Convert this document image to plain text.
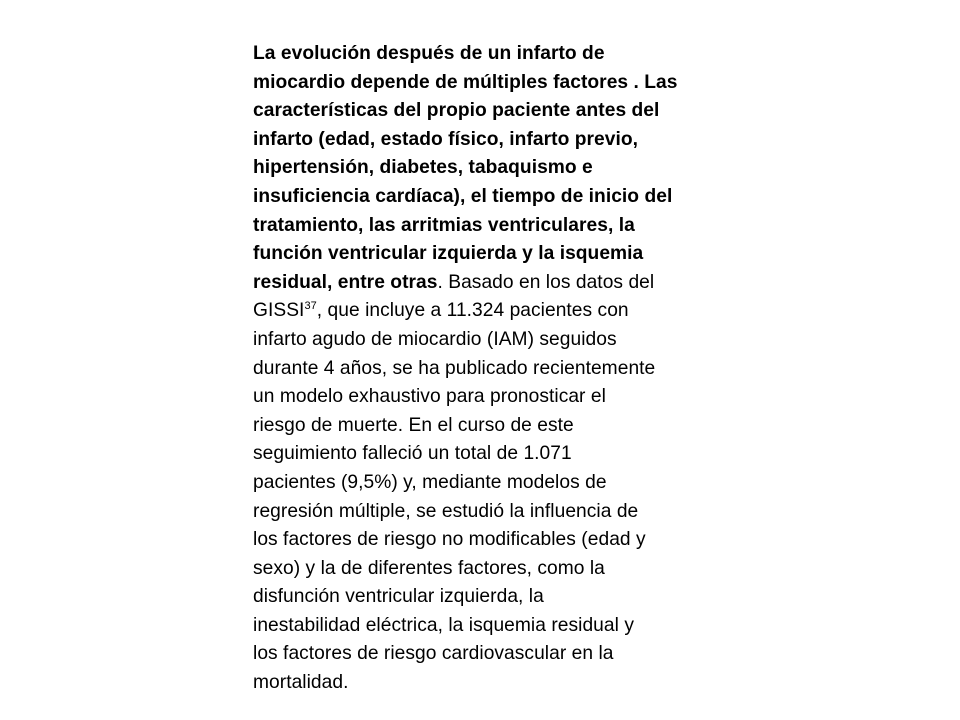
La evolución después de un infarto de
miocardio depende de múltiples factores . Las
características del propio paciente antes del
infarto (edad, estado físico, infarto previo,
hipertensión, diabetes, tabaquismo e
insuficiencia cardíaca), el tiempo de inicio del
tratamiento, las arritmias ventriculares, la
función ventricular izquierda y la isquemia
residual, entre otras. Basado en los datos del
GISSI$^{37}$, que incluye a 11.324 pacientes con
infarto agudo de miocardio (IAM) seguidos
durante 4 años, se ha publicado recientemente
un modelo exhaustivo para pronosticar el
riesgo de muerte. En el curso de este
seguimiento falleció un total de 1.071
pacientes (9,5%) y, mediante modelos de
regresión múltiple, se estudió la influencia de
los factores de riesgo no modificables (edad y
sexo) y la de diferentes factores, como la
disfunción ventricular izquierda, la
inestabilidad eléctrica, la isquemia residual y
los factores de riesgo cardiovascular en la
mortalidad.
